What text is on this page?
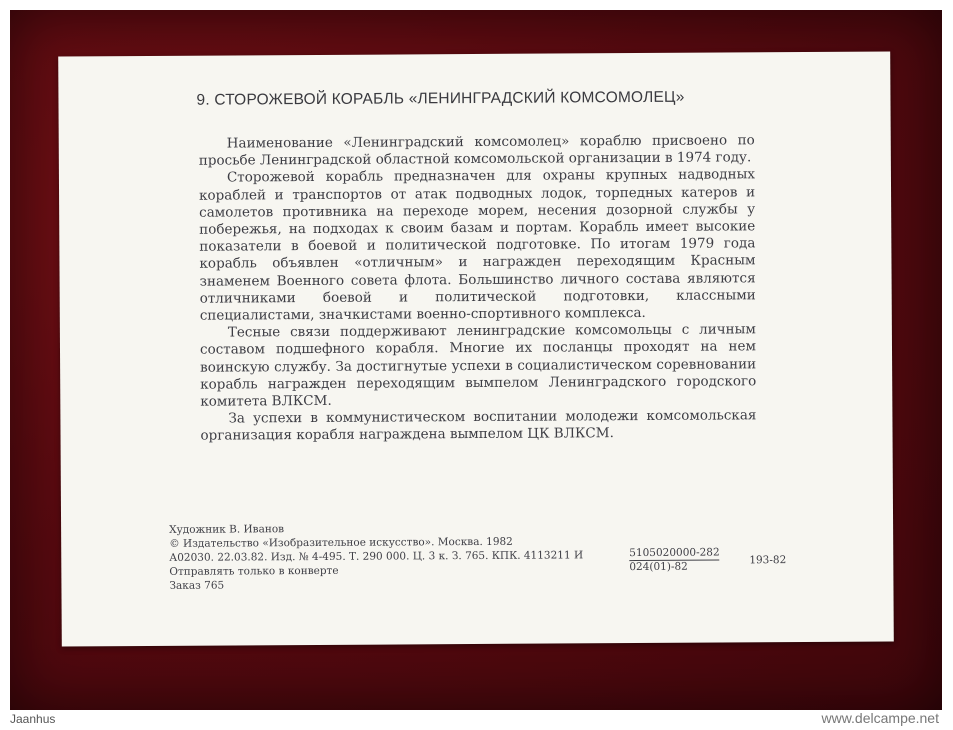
9. СТОРОЖЕВОЙ КОРАБЛЬ «ЛЕНИНГРАДСКИЙ КОМСОМОЛЕЦ»

Наименование «Ленинградский комсомолец» кораблю присвоено по просьбе Ленинградской областной комсомольской организации в 1974 году.

Сторожевой корабль предназначен для охраны крупных надводных кораблей и транспортов от атак подводных лодок, торпедных катеров и самолетов противника на переходе морем, несения дозорной службы у побережья, на подходах к своим базам и портам. Корабль имеет высокие показатели в боевой и политической подготовке. По итогам 1979 года корабль объявлен «отличным» и награжден переходящим Красным знаменем Военного совета флота. Большинство личного состава являются отличниками боевой и политической подготовки, классными специалистами, значкистами военно-спортивного комплекса.

Тесные связи поддерживают ленинградские комсомольцы с личным составом подшефного корабля. Многие их посланцы проходят на нем воинскую службу. За достигнутые успехи в социалистическом соревновании корабль награжден переходящим вымпелом Ленинградского городского комитета ВЛКСМ.

За успехи в коммунистическом воспитании молодежи комсомольская организация корабля награждена вымпелом ЦК ВЛКСМ.

Художник В. Иванов
© Издательство «Изобразительное искусство». Москва. 1982
А02030. 22.03.82. Изд. № 4-495. Т. 290 000. Ц. 3 к. З. 765. КПК. 4113211 И	$\frac{5105020000-282}{024(01)-82}$	193-82
Отправлять только в конверте
Заказ 765
Jaanhus	www.delcampe.net
